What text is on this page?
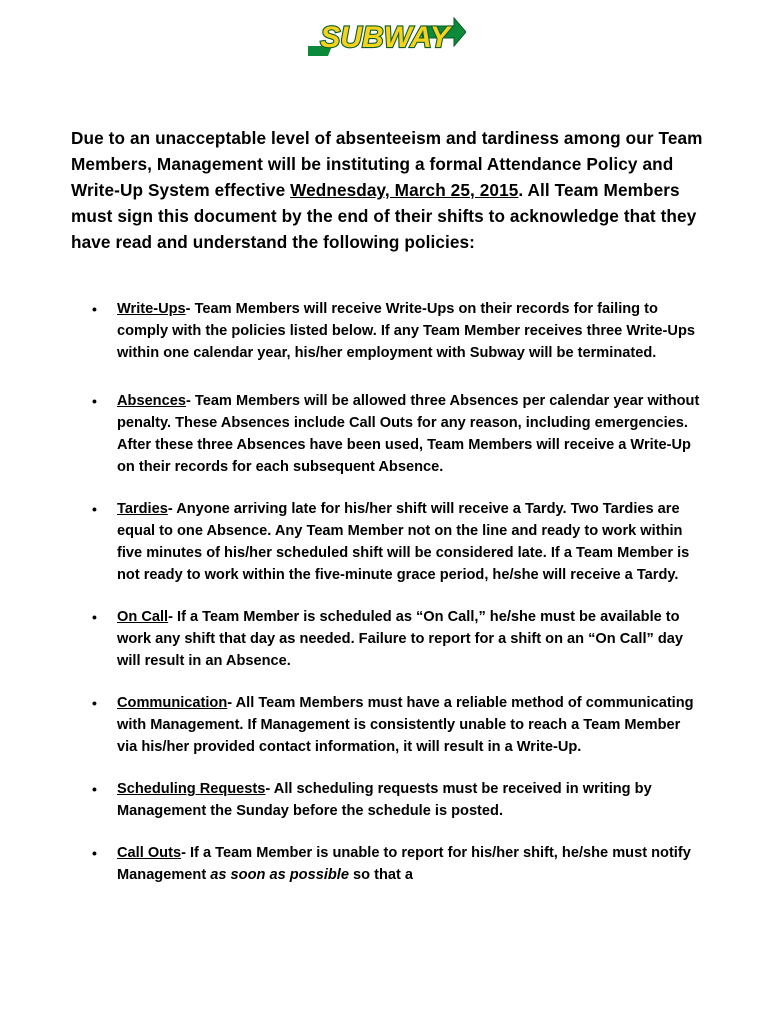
SUBWAY
Due to an unacceptable level of absenteeism and tardiness among our Team Members, Management will be instituting a formal Attendance Policy and Write-Up System effective Wednesday, March 25, 2015. All Team Members must sign this document by the end of their shifts to acknowledge that they have read and understand the following policies:
• Write-Ups- Team Members will receive Write-Ups on their records for failing to comply with the policies listed below. If any Team Member receives three Write-Ups within one calendar year, his/her employment with Subway will be terminated.
• Absences- Team Members will be allowed three Absences per calendar year without penalty. These Absences include Call Outs for any reason, including emergencies. After these three Absences have been used, Team Members will receive a Write-Up on their records for each subsequent Absence.
• Tardies- Anyone arriving late for his/her shift will receive a Tardy. Two Tardies are equal to one Absence. Any Team Member not on the line and ready to work within five minutes of his/her scheduled shift will be considered late. If a Team Member is not ready to work within the five-minute grace period, he/she will receive a Tardy.
• On Call- If a Team Member is scheduled as “On Call,” he/she must be available to work any shift that day as needed. Failure to report for a shift on an “On Call” day will result in an Absence.
• Communication- All Team Members must have a reliable method of communicating with Management. If Management is consistently unable to reach a Team Member via his/her provided contact information, it will result in a Write-Up.
• Scheduling Requests- All scheduling requests must be received in writing by Management the Sunday before the schedule is posted.
• Call Outs- If a Team Member is unable to report for his/her shift, he/she must notify Management as soon as possible so that a
